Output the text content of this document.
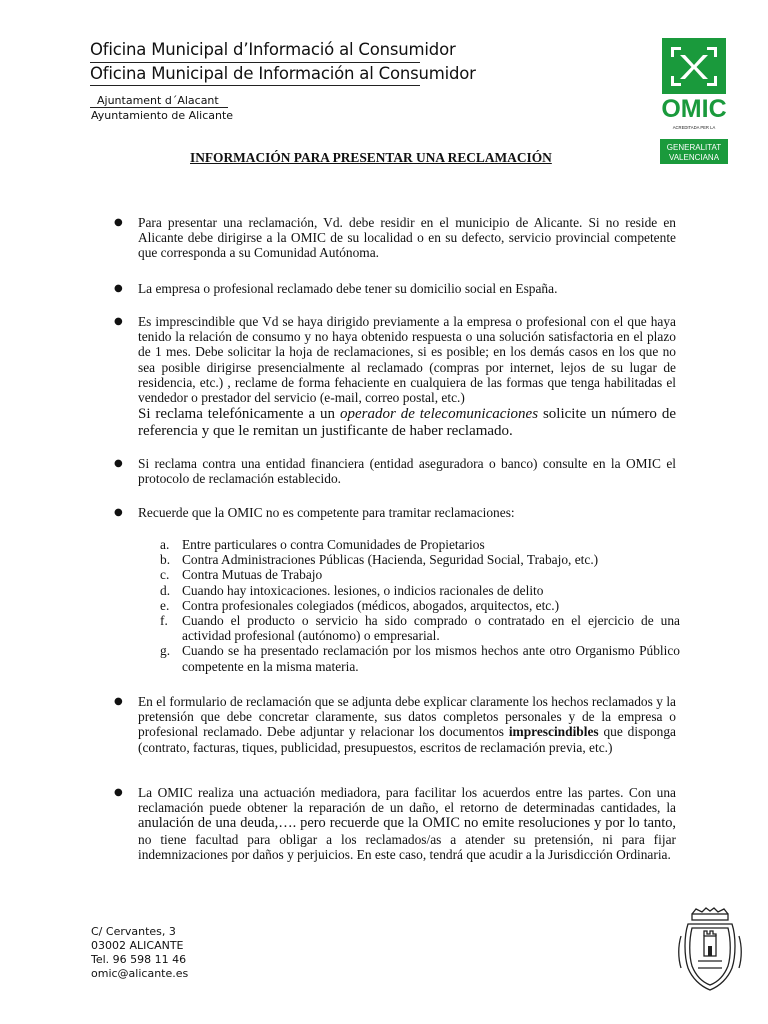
Oficina Municipal d’Informació al Consumidor
Oficina Municipal de Información al Consumidor
Ajuntament d´Alacant
Ayuntamiento de Alicante	OMIC
ACREDITADA PER LA
GENERALITAT
VALENCIANA
INFORMACIÓN PARA PRESENTAR UNA RECLAMACIÓN
● Para presentar una reclamación, Vd. debe residir en el municipio de Alicante. Si no reside en Alicante debe dirigirse a la OMIC de su localidad o en su defecto, servicio provincial competente que corresponda a su Comunidad Autónoma.
● La empresa o profesional reclamado debe tener su domicilio social en España.
● Es imprescindible que Vd se haya dirigido previamente a la empresa o profesional con el que haya tenido la relación de consumo y no haya obtenido respuesta o una solución satisfactoria en el plazo de 1 mes. Debe solicitar la hoja de reclamaciones, si es posible; en los demás casos en los que no sea posible dirigirse presencialmente al reclamado (compras por internet, lejos de su lugar de residencia, etc.) , reclame de forma fehaciente en cualquiera de las formas que tenga habilitadas el vendedor o prestador del servicio (e-mail, correo postal, etc.)
Si reclama telefónicamente a un operador de telecomunicaciones solicite un número de referencia y que le remitan un justificante de haber reclamado.
● Si reclama contra una entidad financiera (entidad aseguradora o banco) consulte en la OMIC el protocolo de reclamación establecido.
● Recuerde que la OMIC no es competente para tramitar reclamaciones:
a. Entre particulares o contra Comunidades de Propietarios
b. Contra Administraciones Públicas (Hacienda, Seguridad Social, Trabajo, etc.)
c. Contra Mutuas de Trabajo
d. Cuando hay intoxicaciones. lesiones, o indicios racionales de delito
e. Contra profesionales colegiados (médicos, abogados, arquitectos, etc.)
f.	Cuando el producto o servicio ha sido comprado o contratado en el ejercicio de una actividad profesional (autónomo) o empresarial.
g. Cuando se ha presentado reclamación por los mismos hechos ante otro Organismo Público competente en la misma materia.
● En el formulario de reclamación que se adjunta debe explicar claramente los hechos reclamados y la pretensión que debe concretar claramente, sus datos completos personales y de la empresa o profesional reclamado. Debe adjuntar y relacionar los documentos imprescindibles que disponga (contrato, facturas, tiques, publicidad, presupuestos, escritos de reclamación previa, etc.)
● La OMIC realiza una actuación mediadora, para facilitar los acuerdos entre las partes. Con una reclamación puede obtener la reparación de un daño, el retorno de determinadas cantidades, la anulación de una deuda,…. pero recuerde que la OMIC no emite resoluciones y por lo tanto, no tiene facultad para obligar a los reclamados/as a atender su pretensión, ni para fijar indemnizaciones por daños y perjuicios. En este caso, tendrá que acudir a la Jurisdicción Ordinaria.
C/ Cervantes, 3
03002 ALICANTE
Tel. 96 598 11 46
omic@alicante.es
